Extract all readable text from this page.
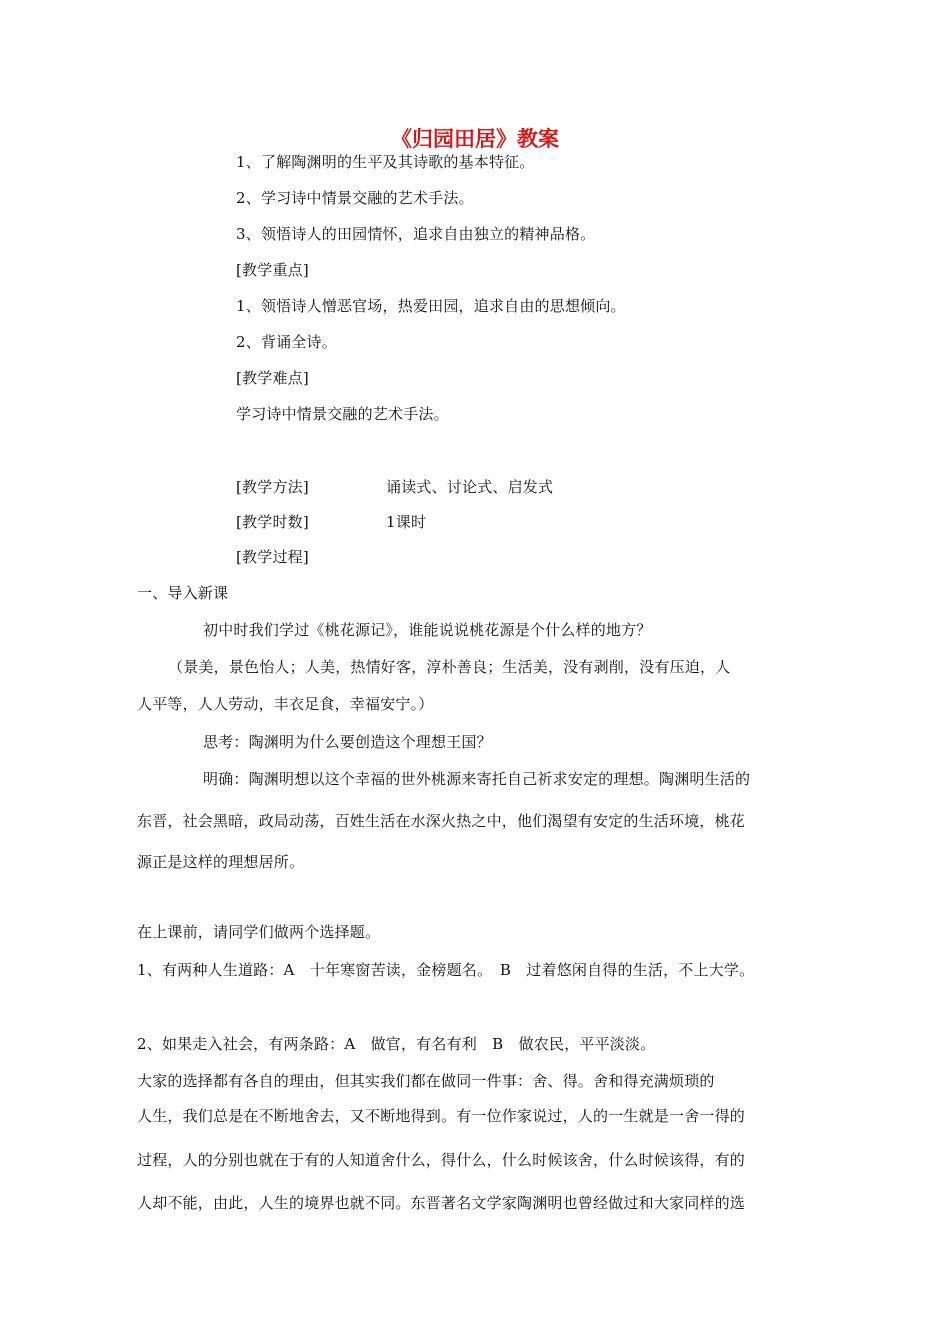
《归园田居》教案
1、了解陶渊明的生平及其诗歌的基本特征。
2、学习诗中情景交融的艺术手法。
3、领悟诗人的田园情怀，追求自由独立的精神品格。
[教学重点]
1、领悟诗人憎恶官场，热爱田园，追求自由的思想倾向。
2、背诵全诗。
[教学难点]
学习诗中情景交融的艺术手法。
[教学方法]	诵读式、讨论式、启发式
[教学时数]	1课时
[教学过程]
一、导入新课
初中时我们学过《桃花源记》，谁能说说桃花源是个什么样的地方？
（景美，景色怡人；人美，热情好客，淳朴善良；生活美，没有剥削，没有压迫，人
人平等，人人劳动，丰衣足食，幸福安宁。）
思考：陶渊明为什么要创造这个理想王国？
明确：陶渊明想以这个幸福的世外桃源来寄托自己祈求安定的理想。陶渊明生活的
东晋，社会黑暗，政局动荡，百姓生活在水深火热之中，他们渴望有安定的生活环境，桃花
源正是这样的理想居所。
在上课前，请同学们做两个选择题。
1、有两种人生道路：A　十年寒窗苦读，金榜题名。　B　过着悠闲自得的生活，不上大学。
2、如果走入社会，有两条路：A　做官，有名有利　B　做农民，平平淡淡。
大家的选择都有各自的理由，但其实我们都在做同一件事：舍、得。舍和得充满烦琐的
人生，我们总是在不断地舍去，又不断地得到。有一位作家说过，人的一生就是一舍一得的
过程，人的分别也就在于有的人知道舍什么，得什么，什么时候该舍，什么时候该得，有的
人却不能，由此，人生的境界也就不同。东晋著名文学家陶渊明也曾经做过和大家同样的选
